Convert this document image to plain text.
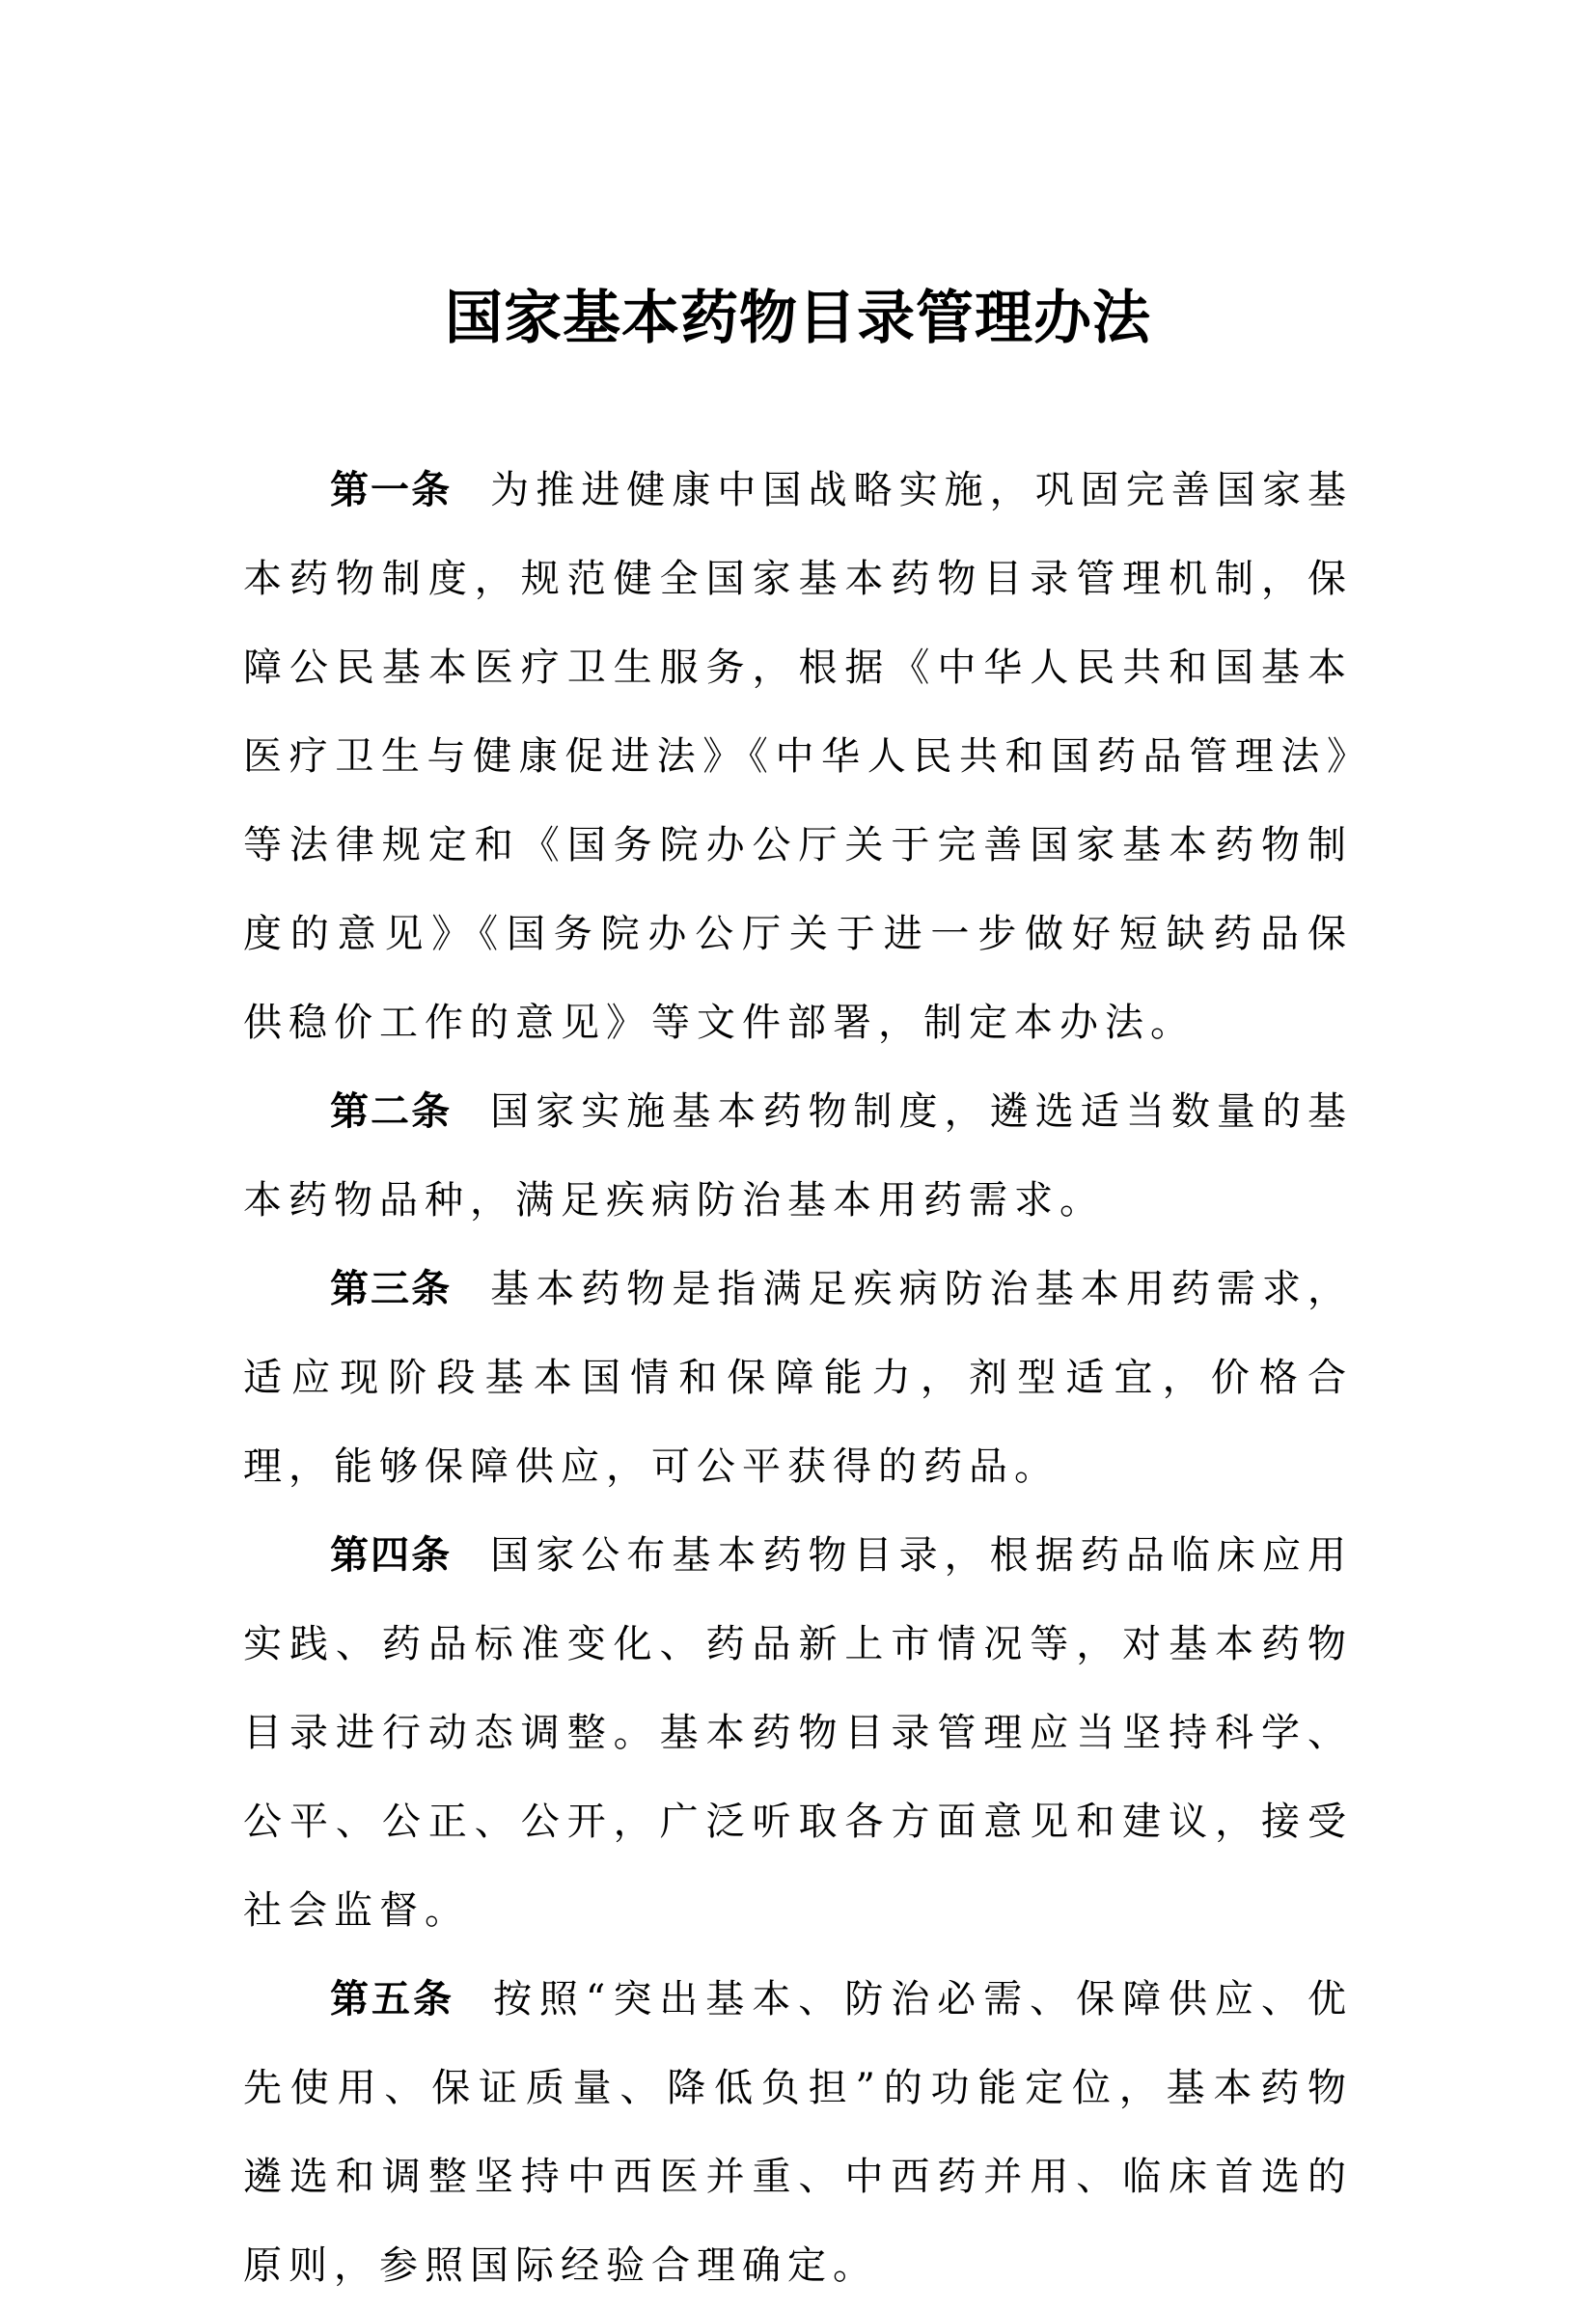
国家基本药物目录管理办法

第一条 为推进健康中国战略实施，巩固完善国家基本药物制度，规范健全国家基本药物目录管理机制，保障公民基本医疗卫生服务，根据《中华人民共和国基本医疗卫生与健康促进法》《中华人民共和国药品管理法》等法律规定和《国务院办公厅关于完善国家基本药物制度的意见》《国务院办公厅关于进一步做好短缺药品保供稳价工作的意见》等文件部署，制定本办法。

第二条 国家实施基本药物制度，遴选适当数量的基本药物品种，满足疾病防治基本用药需求。

第三条 基本药物是指满足疾病防治基本用药需求，适应现阶段基本国情和保障能力，剂型适宜，价格合理，能够保障供应，可公平获得的药品。

第四条 国家公布基本药物目录，根据药品临床应用实践、药品标准变化、药品新上市情况等，对基本药物目录进行动态调整。基本药物目录管理应当坚持科学、公平、公正、公开，广泛听取各方面意见和建议，接受社会监督。

第五条 按照“突出基本、防治必需、保障供应、优先使用、保证质量、降低负担”的功能定位，基本药物遴选和调整坚持中西医并重、中西药并用、临床首选的原则，参照国际经验合理确定。
